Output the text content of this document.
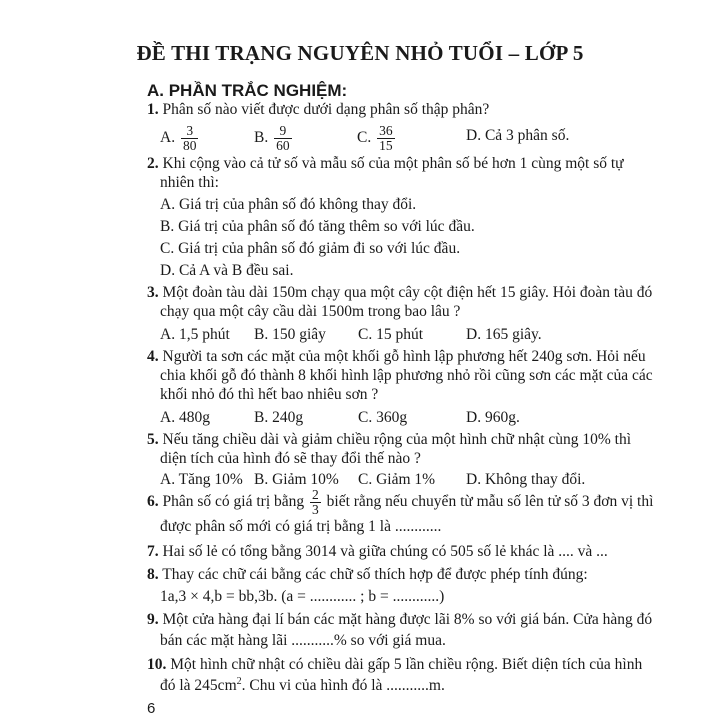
ĐỀ THI TRẠNG NGUYÊN NHỎ TUỔI – LỚP 5
A. PHẦN TRẮC NGHIỆM:
1. Phân số nào viết được dưới dạng phân số thập phân?
A. $\frac{3}{80}$	B. $\frac{9}{60}$	C. $\frac{36}{15}$	D. Cả 3 phân số.
2. Khi cộng vào cả tử số và mẫu số của một phân số bé hơn 1 cùng một số tự
nhiên thì:
A. Giá trị của phân số đó không thay đổi.
B. Giá trị của phân số đó tăng thêm so với lúc đầu.
C. Giá trị của phân số đó giảm đi so với lúc đầu.
D. Cả A và B đều sai.
3. Một đoàn tàu dài 150m chạy qua một cây cột điện hết 15 giây. Hỏi đoàn tàu đó
chạy qua một cây cầu dài 1500m trong bao lâu ?
A. 1,5 phút B. 150 giây C. 15 phút	D. 165 giây.
4. Người ta sơn các mặt của một khối gỗ hình lập phương hết 240g sơn. Hỏi nếu
chia khối gỗ đó thành 8 khối hình lập phương nhỏ rồi cũng sơn các mặt của các
khối nhỏ đó thì hết bao nhiêu sơn ?
A. 480g	B. 240g	C. 360g	D. 960g.
5. Nếu tăng chiều dài và giảm chiều rộng của một hình chữ nhật cùng 10% thì
diện tích của hình đó sẽ thay đổi thế nào ?
A. Tăng 10% B. Giảm 10% C. Giảm 1% D. Không thay đổi.
6. Phân số có giá trị bằng $\frac{2}{3}$ biết rằng nếu chuyển từ mẫu số lên tử số 3 đơn vị thì
được phân số mới có giá trị bằng 1 là ............
7. Hai số lẻ có tổng bằng 3014 và giữa chúng có 505 số lẻ khác là .... và ...
8. Thay các chữ cái bằng các chữ số thích hợp để được phép tính đúng:
1a,3 × 4,b = bb,3b. (a = ............ ; b = ............)
9. Một cửa hàng đại lí bán các mặt hàng được lãi 8% so với giá bán. Cửa hàng đó
bán các mặt hàng lãi ...........% so với giá mua.
10. Một hình chữ nhật có chiều dài gấp 5 lần chiều rộng. Biết diện tích của hình
đó là $245cm^2$. Chu vi của hình đó là ...........m.
6
